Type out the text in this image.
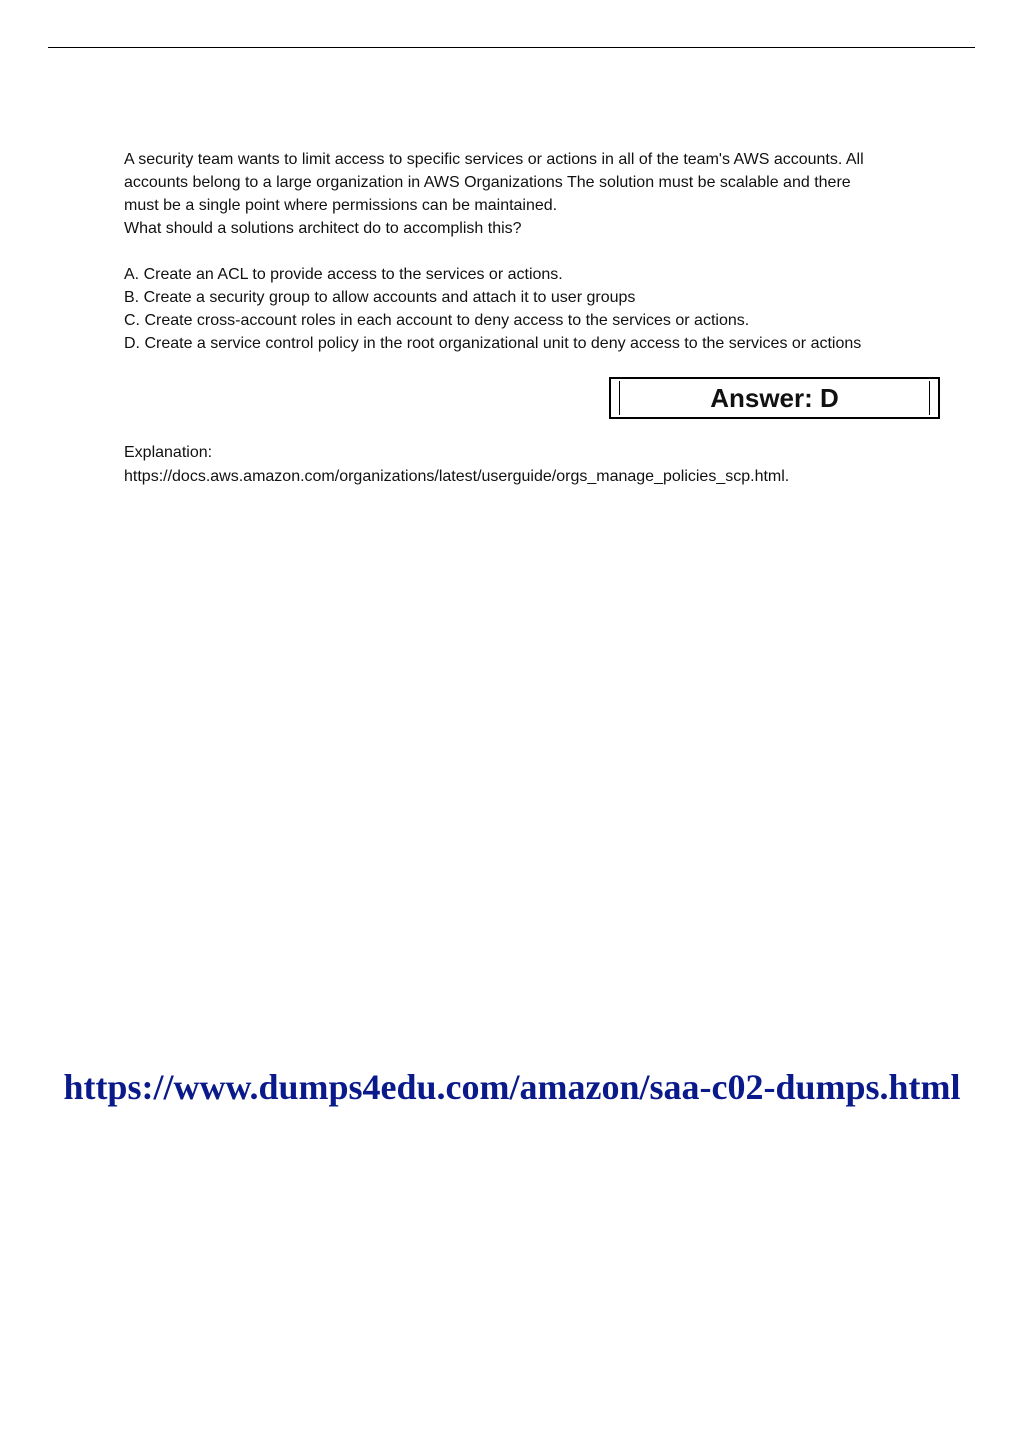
A security team wants to limit access to specific services or actions in all of the team's AWS accounts. All
accounts belong to a large organization in AWS Organizations The solution must be scalable and there
must be a single point where permissions can be maintained.
What should a solutions architect do to accomplish this?

A. Create an ACL to provide access to the services or actions.
B. Create a security group to allow accounts and attach it to user groups
C. Create cross-account roles in each account to deny access to the services or actions.
D. Create a service control policy in the root organizational unit to deny access to the services or actions
Answer: D
Explanation:
https://docs.aws.amazon.com/organizations/latest/userguide/orgs_manage_policies_scp.html.
https://www.dumps4edu.com/amazon/saa-c02-dumps.html
